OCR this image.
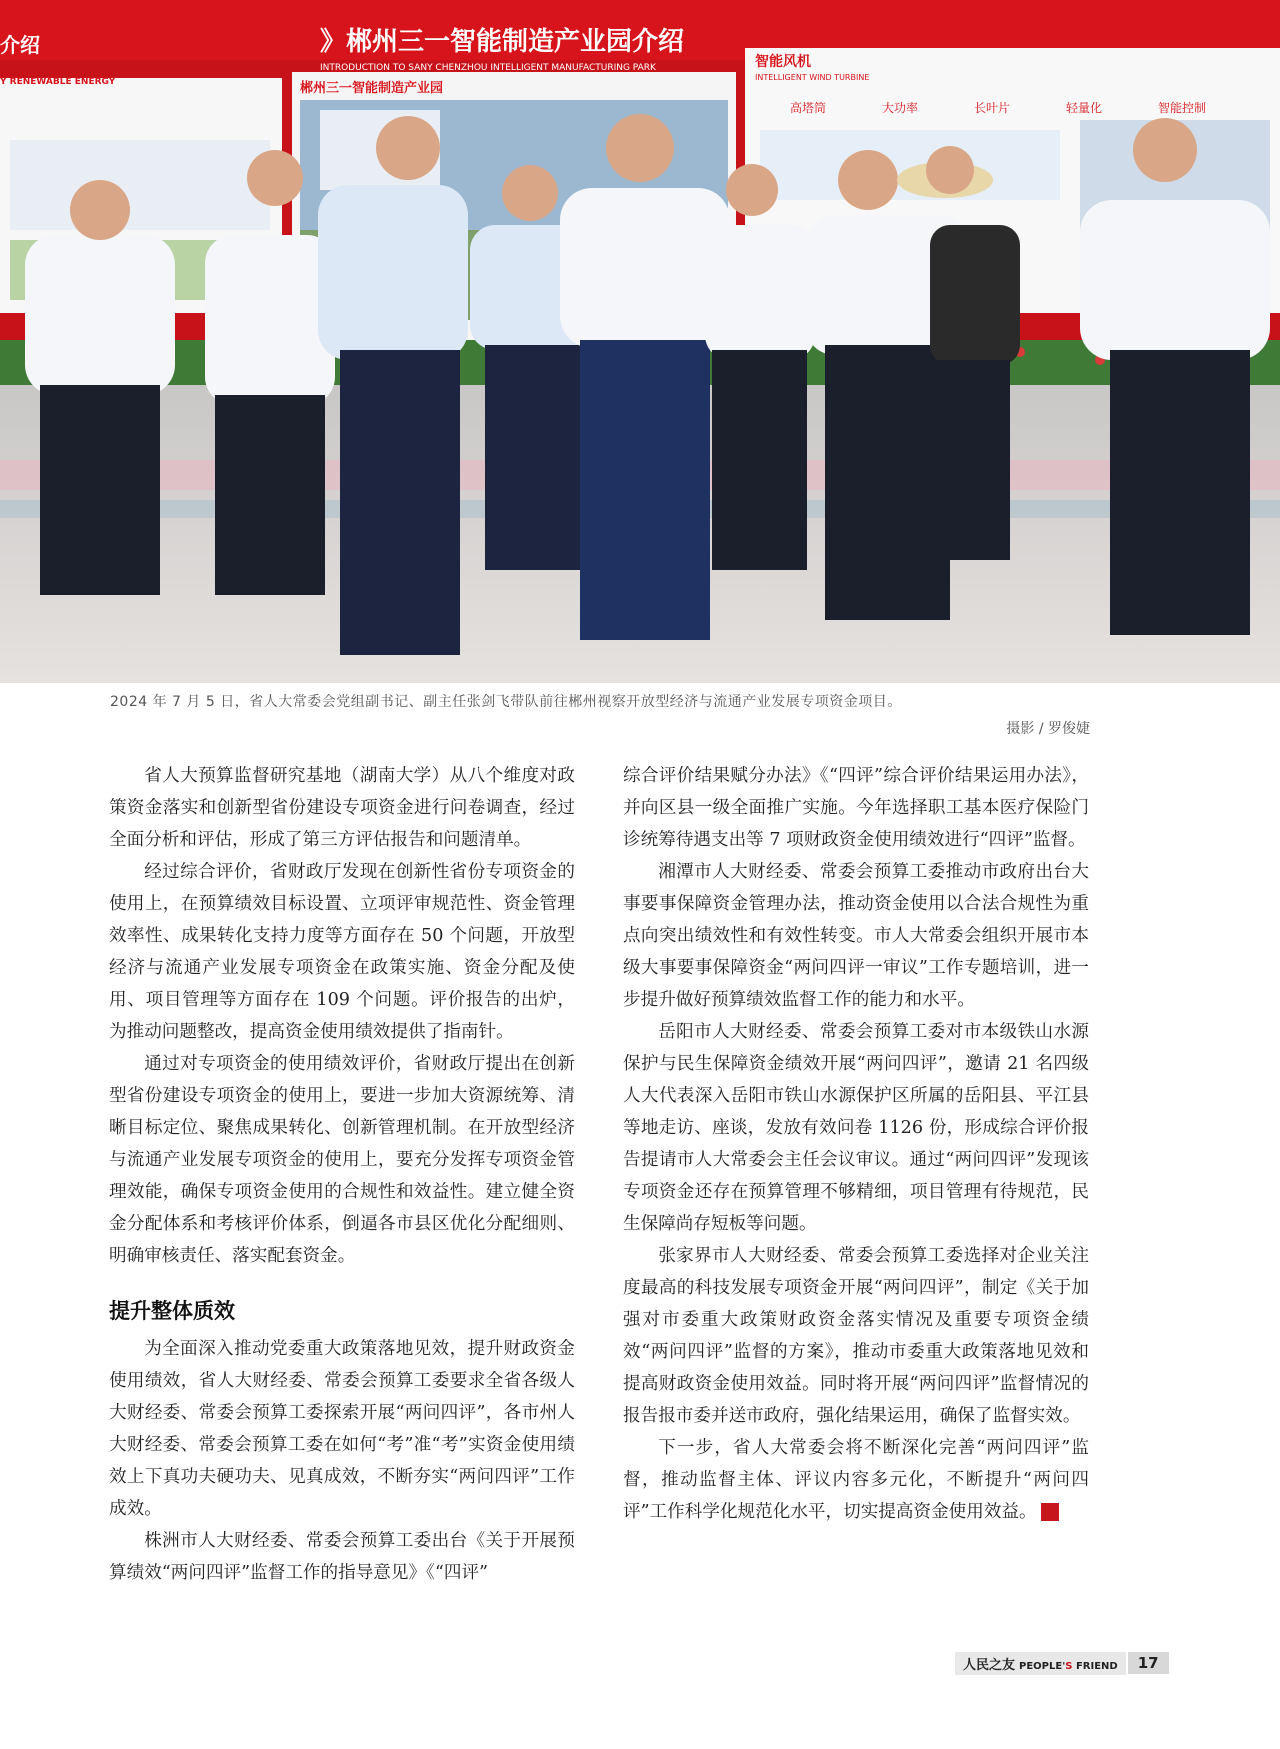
》郴州三一智能制造产业园介绍
INTRODUCTION TO SANY CHENZHOU INTELLIGENT MANUFACTURING PARK
介绍
Y RENEWABLE ENERGY	郴州三一智能制造产业园
智能风机
INTELLIGENT WIND TURBINE
高塔筒	大功率	长叶片	轻量化	智能控制
2024 年 7 月 5 日，省人大常委会党组副书记、副主任张剑飞带队前往郴州视察开放型经济与流通产业发展专项资金项目。
摄影 / 罗俊婕

省人大预算监督研究基地（湖南大学）从八个维度对政策资金落实和创新型省份建设专项资金进行问卷调查，经过全面分析和评估，形成了第三方评估报告和问题清单。

经过综合评价，省财政厅发现在创新性省份专项资金的使用上，在预算绩效目标设置、立项评审规范性、资金管理效率性、成果转化支持力度等方面存在 50 个问题，开放型经济与流通产业发展专项资金在政策实施、资金分配及使用、项目管理等方面存在 109 个问题。评价报告的出炉，为推动问题整改，提高资金使用绩效提供了指南针。

通过对专项资金的使用绩效评价，省财政厅提出在创新型省份建设专项资金的使用上，要进一步加大资源统筹、清晰目标定位、聚焦成果转化、创新管理机制。在开放型经济与流通产业发展专项资金的使用上，要充分发挥专项资金管理效能，确保专项资金使用的合规性和效益性。建立健全资金分配体系和考核评价体系，倒逼各市县区优化分配细则、明确审核责任、落实配套资金。

提升整体质效

为全面深入推动党委重大政策落地见效，提升财政资金使用绩效，省人大财经委、常委会预算工委要求全省各级人大财经委、常委会预算工委探索开展“两问四评”，各市州人大财经委、常委会预算工委在如何“考”准“考”实资金使用绩效上下真功夫硬功夫、见真成效，不断夯实“两问四评”工作成效。

株洲市人大财经委、常委会预算工委出台《关于开展预算绩效“两问四评”监督工作的指导意见》《“四评”

综合评价结果赋分办法》《“四评”综合评价结果运用办法》，并向区县一级全面推广实施。今年选择职工基本医疗保险门诊统筹待遇支出等 7 项财政资金使用绩效进行“四评”监督。

湘潭市人大财经委、常委会预算工委推动市政府出台大事要事保障资金管理办法，推动资金使用以合法合规性为重点向突出绩效性和有效性转变。市人大常委会组织开展市本级大事要事保障资金“两问四评一审议”工作专题培训，进一步提升做好预算绩效监督工作的能力和水平。

岳阳市人大财经委、常委会预算工委对市本级铁山水源保护与民生保障资金绩效开展“两问四评”，邀请 21 名四级人大代表深入岳阳市铁山水源保护区所属的岳阳县、平江县等地走访、座谈，发放有效问卷 1126 份，形成综合评价报告提请市人大常委会主任会议审议。通过“两问四评”发现该专项资金还存在预算管理不够精细，项目管理有待规范，民生保障尚存短板等问题。

张家界市人大财经委、常委会预算工委选择对企业关注度最高的科技发展专项资金开展“两问四评”，制定《关于加强对市委重大政策财政资金落实情况及重要专项资金绩效“两问四评”监督的方案》，推动市委重大政策落地见效和提高财政资金使用效益。同时将开展“两问四评”监督情况的报告报市委并送市政府，强化结果运用，确保了监督实效。

下一步，省人大常委会将不断深化完善“两问四评”监督，推动监督主体、评议内容多元化，不断提升“两问四评”工作科学化规范化水平，切实提高资金使用效益。	友

人民之友 PEOPLE'S FRIEND	17
